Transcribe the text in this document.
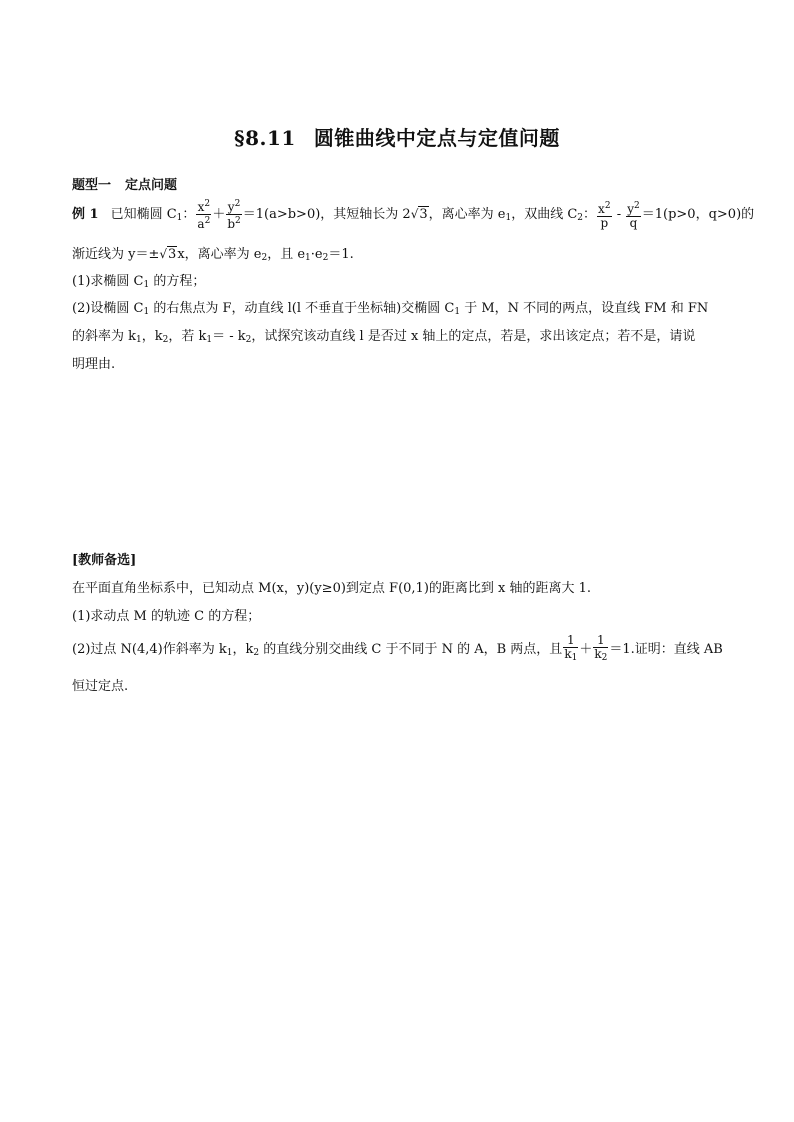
§8.11 圆锥曲线中定点与定值问题
题型一 定点问题
例 1 已知椭圆 $C_1$： $\frac{x^2}{a^2} + \frac{y^2}{b^2} =1(a>b>0)$，其短轴长为 2√3，离心率为 $e_1$，双曲线 $C_2$： $\frac{x^2}{p} - \frac{y^2}{q} =1(p>0$，q>0)的
渐近线为 y＝±√3x，离心率为 $e_2$，且 $e_1\cdot e_2=1$.
(1)求椭圆 $C_1$ 的方程；
(2)设椭圆 $C_1$ 的右焦点为 F，动直线 l(l 不垂直于坐标轴)交椭圆 $C_1$ 于 M，N 不同的两点，设直线 FM 和 FN
的斜率为 $k_1$，$k_2$，若 $k_1= - k_2$，试探究该动直线 l 是否过 x 轴上的定点，若是，求出该定点；若不是，请说
明理由.
[教师备选]
在平面直角坐标系中，已知动点 M(x，y)(y≥0)到定点 F(0,1)的距离比到 x 轴的距离大 1.
(1)求动点 M 的轨迹 C 的方程；
(2)过点 N(4,4)作斜率为 $k_1$，$k_2$ 的直线分别交曲线 C 于不同于 N 的 A，B 两点，且 $\frac{1}{k_1} + \frac{1}{k_2} =1$.证明：直线 AB
恒过定点.
